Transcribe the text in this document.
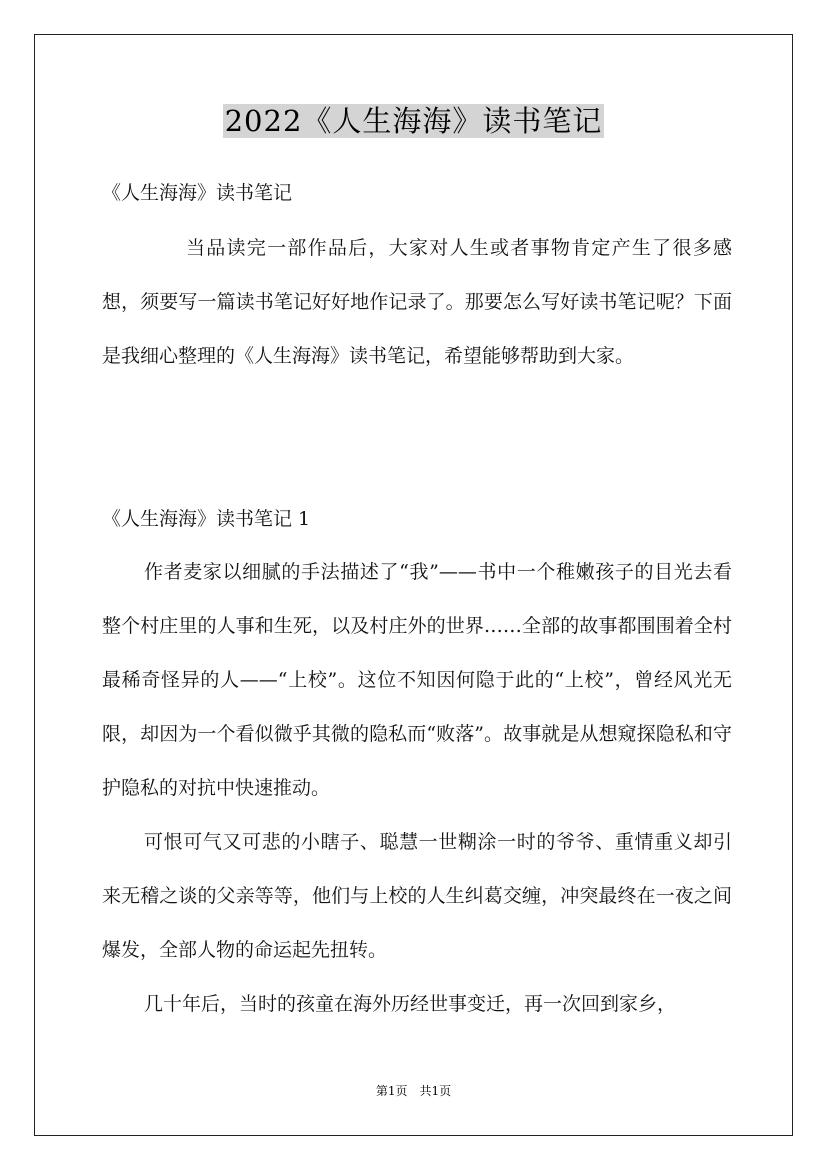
2022《人生海海》读书笔记
《人生海海》读书笔记

当品读完一部作品后，大家对人生或者事物肯定产生了很多感想，须要写一篇读书笔记好好地作记录了。那要怎么写好读书笔记呢？下面是我细心整理的《人生海海》读书笔记，希望能够帮助到大家。

《人生海海》读书笔记 1

作者麦家以细腻的手法描述了“我”——书中一个稚嫩孩子的目光去看整个村庄里的人事和生死，以及村庄外的世界……全部的故事都围围着全村最稀奇怪异的人——“上校”。这位不知因何隐于此的“上校”，曾经风光无限，却因为一个看似微乎其微的隐私而“败落”。故事就是从想窥探隐私和守护隐私的对抗中快速推动。

可恨可气又可悲的小瞎子、聪慧一世糊涂一时的爷爷、重情重义却引来无稽之谈的父亲等等，他们与上校的人生纠葛交缠，冲突最终在一夜之间爆发，全部人物的命运起先扭转。

几十年后，当时的孩童在海外历经世事变迁，再一次回到家乡，

第1页　共1页
